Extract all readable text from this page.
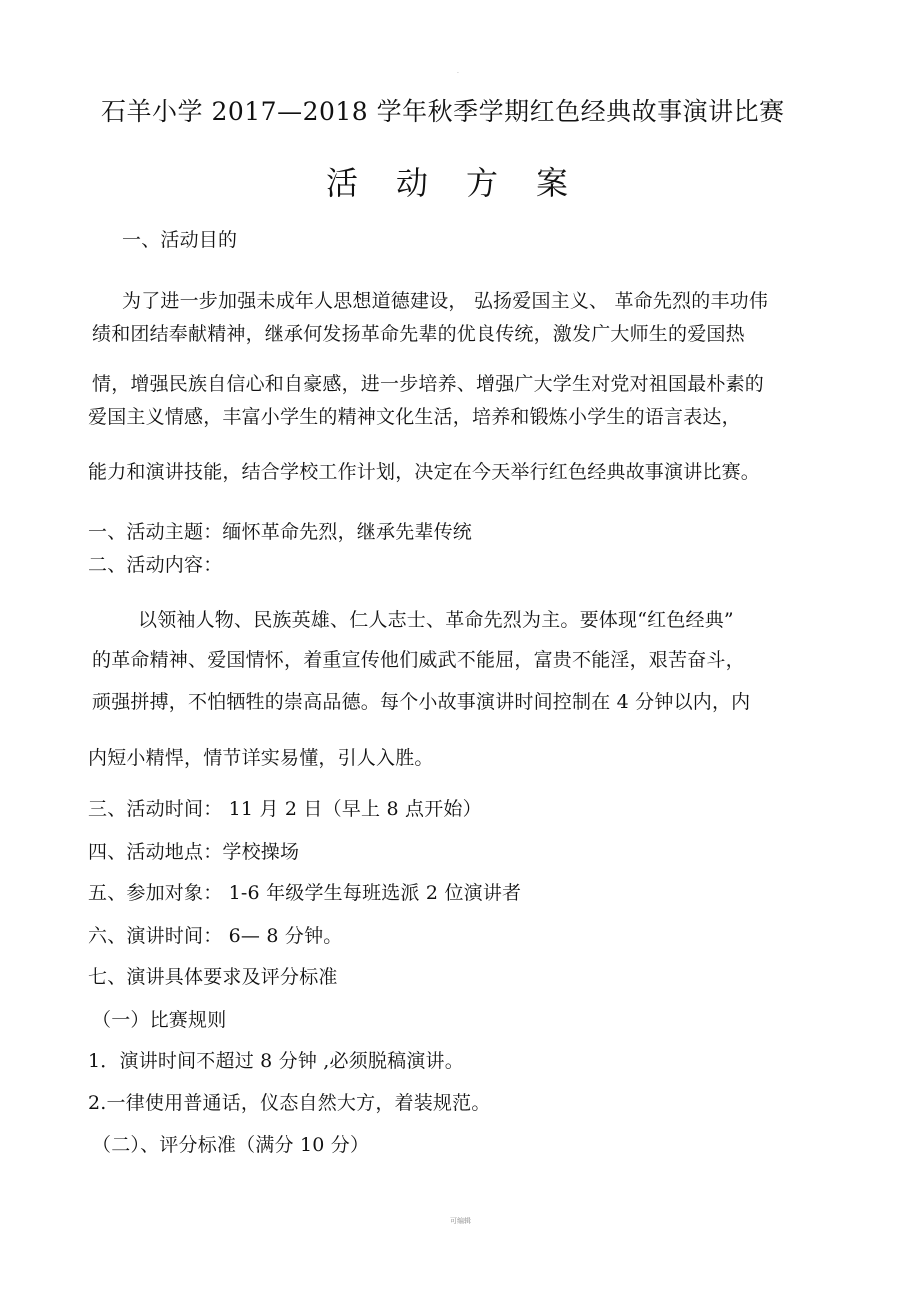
·
石羊小学 2017—2018 学年秋季学期红色经典故事演讲比赛
活 动 方 案
一、活动目的
为了进一步加强未成年人思想道德建设， 弘扬爱国主义、 革命先烈的丰功伟
绩和团结奉献精神，继承何发扬革命先辈的优良传统，激发广大师生的爱国热
情，增强民族自信心和自豪感，进一步培养、增强广大学生对党对祖国最朴素的
爱国主义情感，丰富小学生的精神文化生活，培养和锻炼小学生的语言表达，
能力和演讲技能，结合学校工作计划，决定在今天举行红色经典故事演讲比赛。
一、活动主题：缅怀革命先烈，继承先辈传统
二、活动内容：
以领袖人物、民族英雄、仁人志士、革命先烈为主。要体现“红色经典”
的革命精神、爱国情怀，着重宣传他们威武不能屈，富贵不能淫，艰苦奋斗，
顽强拼搏，不怕牺牲的崇高品德。每个小故事演讲时间控制在 4 分钟以内，内
内短小精悍，情节详实易懂，引人入胜。
三、活动时间： 11 月 2 日（早上 8 点开始）
四、活动地点：学校操场
五、参加对象： 1-6 年级学生每班选派 2 位演讲者
六、演讲时间： 6— 8 分钟。
七、演讲具体要求及评分标准
（一）比赛规则
1．演讲时间不超过 8 分钟 ,必须脱稿演讲。
2.一律使用普通话，仪态自然大方，着装规范。
（二）、评分标准（满分 10 分）
可编辑
